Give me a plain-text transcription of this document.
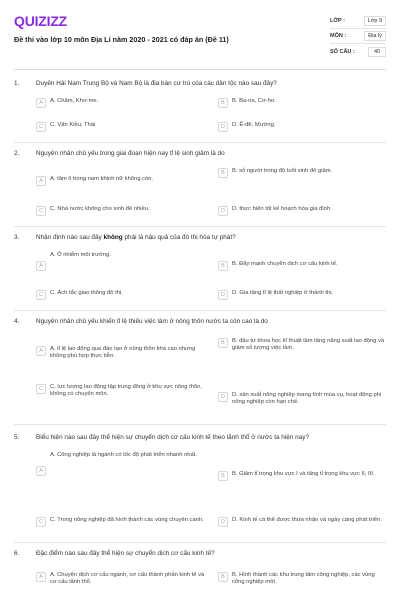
QUIZIZZ
Đề thi vào lớp 10 môn Địa Lí năm 2020 - 2021 có đáp án (Đề 11)
LỚP :	Lớp 9
MÔN :	Địa lý
SỐ CÂU :	40
1.	Duyên Hải Nam Trung Bộ và Nam Bộ là địa bàn cư trú của các dân tộc nào sau đây?
A	A. Chăm, Khơ-me.	B	B. Ba-na, Cơ-ho.
C	C. Vân Kiều, Thái	D	D. Ê-đê, Mường.
2.	Nguyên nhân chủ yếu trong giai đoạn hiện nay tỉ lệ sinh giảm là do
A	A. tâm lí trọng nam khinh nữ không còn.
B	B. số người trong độ tuổi sinh đẻ giảm.
C	C. Nhà nước không cho sinh đẻ nhiều.	D	D. thực hiện tốt kế hoạch hóa gia đình.
3.	Nhận định nào sau đây không phải là hậu quả của đô thị hóa tự phát?
A. Ô nhiễm môi trường.
A	B	B. Đẩy mạnh chuyển dịch cơ cấu kinh tế.
C	C. Ách tắc giao thông đô thị.	D	D. Gia tăng tỉ lệ thất nghiệp ở thành thị.
4.	Nguyên nhân chủ yếu khiến tỉ lệ thiếu việc làm ở nông thôn nước ta còn cao là do
A	A. tỉ lệ lao động qua đào tạo ở nông thôn khá cao nhưng không phù hợp thực tiễn.
B	B. đầu tư khoa học kĩ thuật làm tăng năng suất lao động và giảm số lượng việc làm.
C	C. lực lượng lao động tập trung đông ở khu vực nông thôn, không có chuyên môn.	D	D. sản xuất nông nghiệp mang tính mùa vụ, hoạt động phi nông nghiệp còn hạn chế.
5.	Biểu hiện nào sau đây thể hiện sự chuyển dịch cơ cấu kinh tế theo lãnh thổ ở nước ta hiện nay?
A. Công nghiệp là ngành có tốc độ phát triển nhanh nhất.
A
B	B. Giảm tỉ trọng khu vực I và tăng tỉ trọng khu vực II, III.
C	C. Trong nông nghiệp đã hình thành các vùng chuyên canh.	D	D. Kinh tế cá thể được thừa nhận và ngày càng phát triển.
6.	Đặc điểm nào sau đây thể hiện sự chuyển dịch cơ cấu kinh tế?
A	A. Chuyển dịch cơ cấu ngành, cơ cấu thành phần kinh tế và cơ cấu lãnh thổ.
B	B. Hình thành các khu trung tâm công nghiệp, các vùng công nghiệp mới.
